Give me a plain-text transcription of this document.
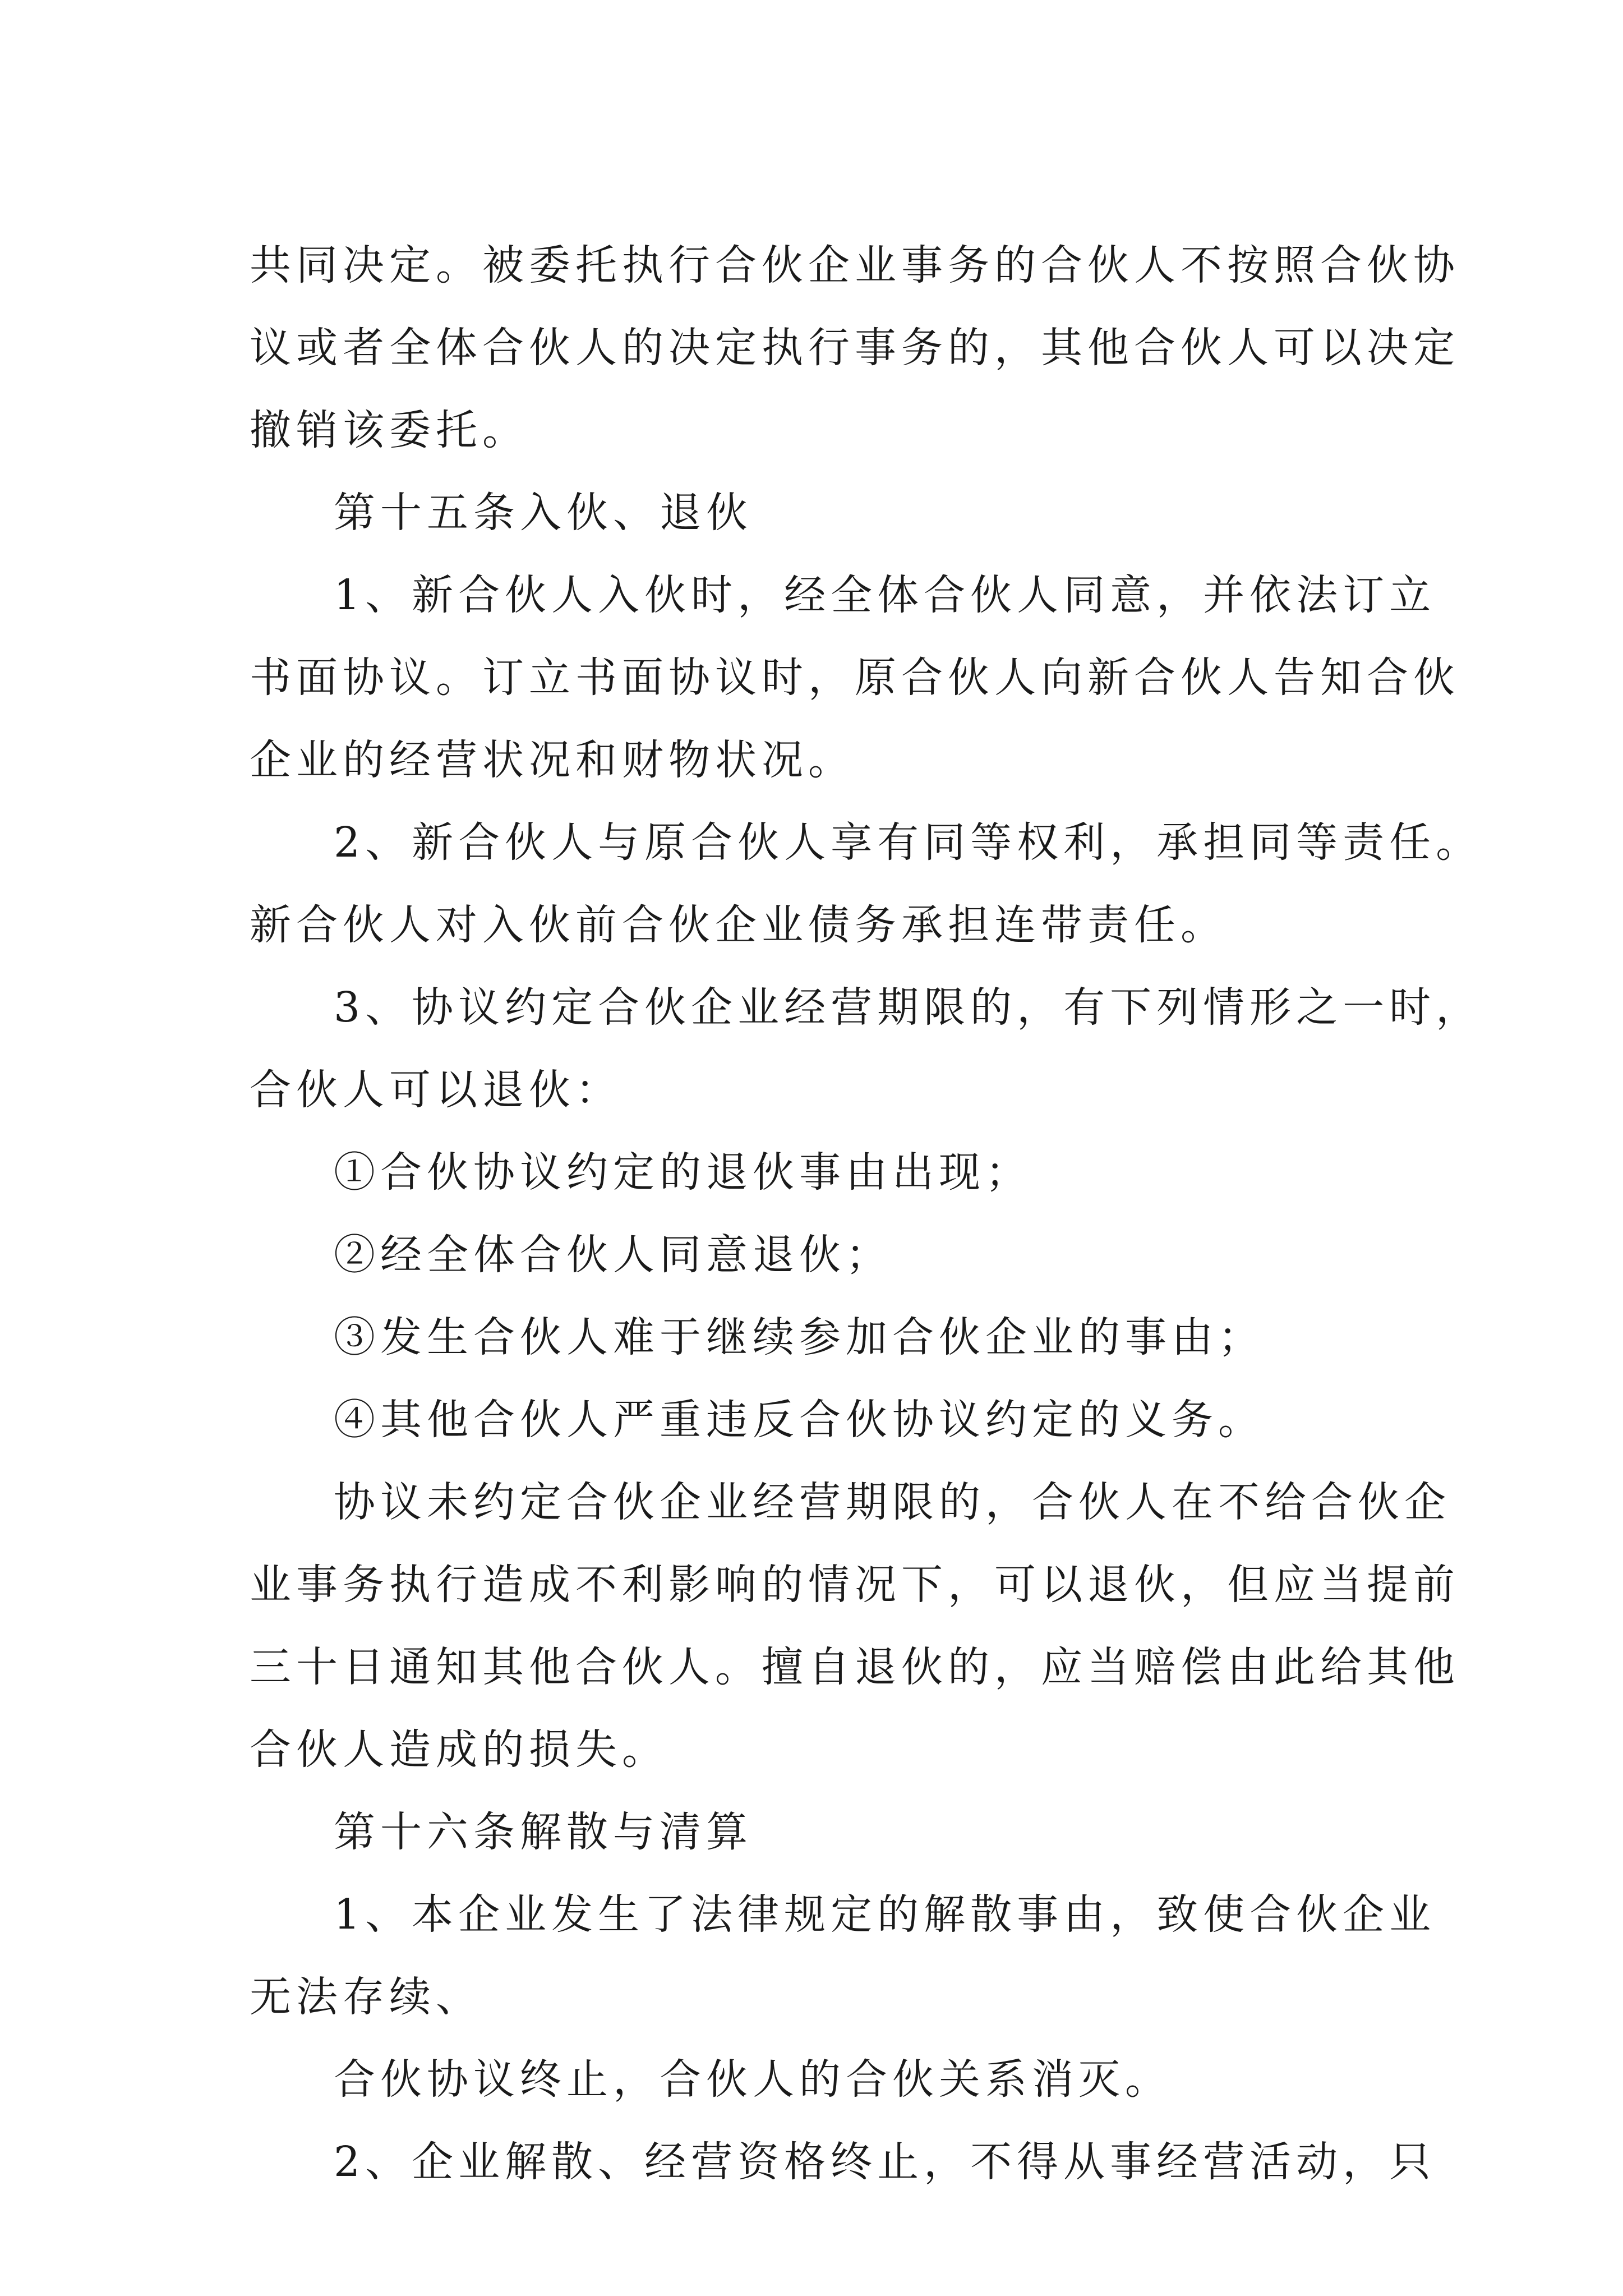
共同决定。被委托执行合伙企业事务的合伙人不按照合伙协
议或者全体合伙人的决定执行事务的，其他合伙人可以决定
撤销该委托。
第十五条入伙、退伙
1、新合伙人入伙时，经全体合伙人同意，并依法订立
书面协议。订立书面协议时，原合伙人向新合伙人告知合伙
企业的经营状况和财物状况。
2、新合伙人与原合伙人享有同等权利，承担同等责任。
新合伙人对入伙前合伙企业债务承担连带责任。
3、协议约定合伙企业经营期限的，有下列情形之一时，
合伙人可以退伙：
①合伙协议约定的退伙事由出现；
②经全体合伙人同意退伙；
③发生合伙人难于继续参加合伙企业的事由；
④其他合伙人严重违反合伙协议约定的义务。
协议未约定合伙企业经营期限的，合伙人在不给合伙企
业事务执行造成不利影响的情况下，可以退伙，但应当提前
三十日通知其他合伙人。擅自退伙的，应当赔偿由此给其他
合伙人造成的损失。
第十六条解散与清算
1、本企业发生了法律规定的解散事由，致使合伙企业
无法存续、
合伙协议终止，合伙人的合伙关系消灭。
2、企业解散、经营资格终止，不得从事经营活动，只
